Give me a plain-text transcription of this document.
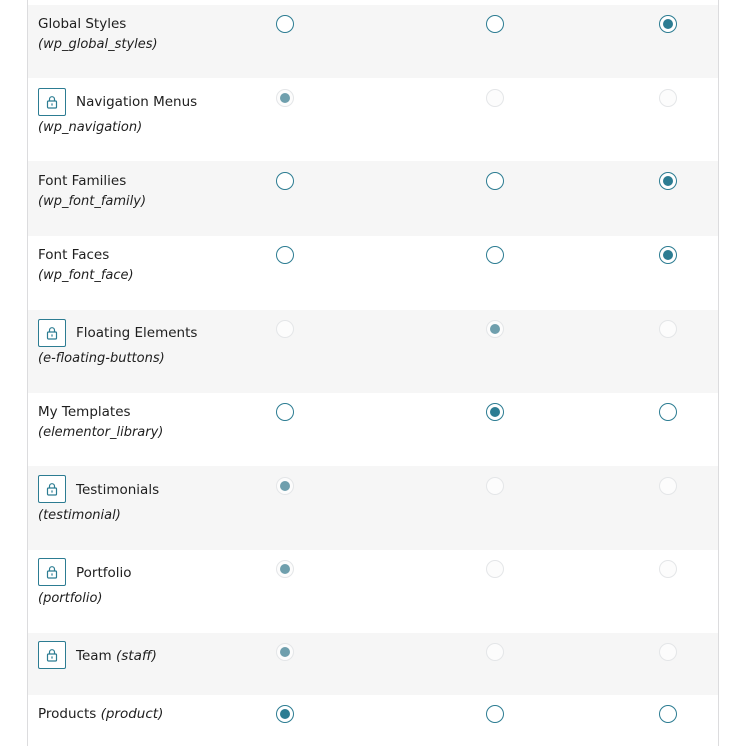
Global Styles
(wp_global_styles)
Navigation Menus
(wp_navigation)
Font Families
(wp_font_family)
Font Faces
(wp_font_face)
Floating Elements
(e-floating-buttons)
My Templates
(elementor_library)
Testimonials
(testimonial)
Portfolio
(portfolio)
Team (staff)
Products (product)
